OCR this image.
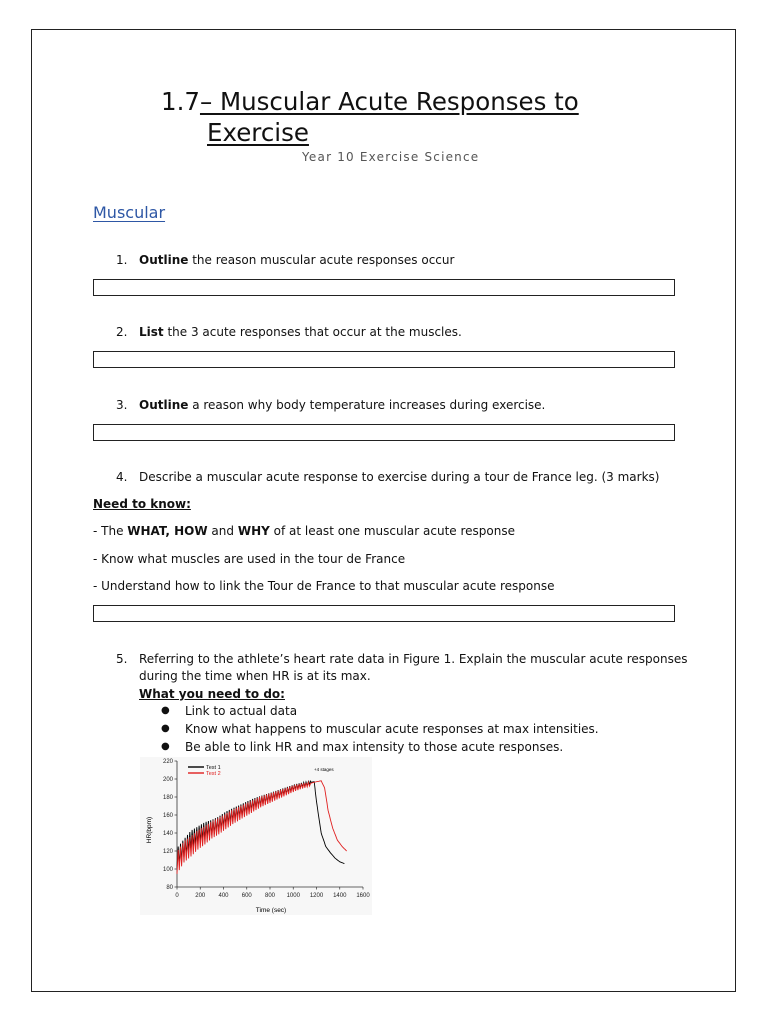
1.7– Muscular Acute Responses to
Exercise
Year 10 Exercise Science
Muscular
1. Outline the reason muscular acute responses occur
2. List the 3 acute responses that occur at the muscles.
3. Outline a reason why body temperature increases during exercise.
4. Describe a muscular acute response to exercise during a tour de France leg. (3 marks)
Need to know:
- The WHAT, HOW and WHY of at least one muscular acute response
- Know what muscles are used in the tour de France
- Understand how to link the Tour de France to that muscular acute response
5. Referring to the athlete’s heart rate data in Figure 1. Explain the muscular acute responses
during the time when HR is at its max.
What you need to do:
● Link to actual data
● Know what happens to muscular acute responses at max intensities.
● Be able to link HR and max intensity to those acute responses.
80
100
120
140
160
180
200
220
0	200 400 600 800 1000 1200 1400 1600
Test 1
Test 2
+4 stages
Time (sec)
HR(bpm)
